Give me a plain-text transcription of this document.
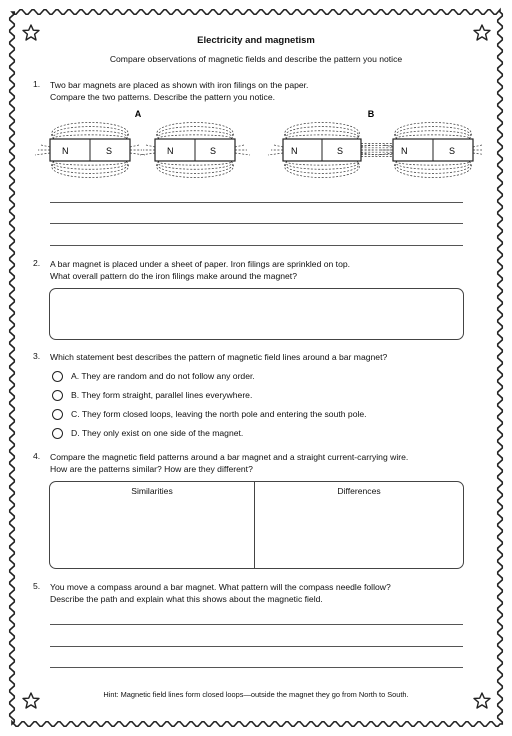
Electricity and magnetism
Compare observations of magnetic fields and describe the pattern you notice
1. Two bar magnets are placed as shown with iron filings on the paper.
Compare the two patterns. Describe the pattern you notice.
A	B
N	S	N	S	N	S	N	S
2. A bar magnet is placed under a sheet of paper. Iron filings are sprinkled on top.
What overall pattern do the iron filings make around the magnet?
3. Which statement best describes the pattern of magnetic field lines around a bar magnet?
A. They are random and do not follow any order.
B. They form straight, parallel lines everywhere.
C. They form closed loops, leaving the north pole and entering the south pole.
D. They only exist on one side of the magnet.
4. Compare the magnetic field patterns around a bar magnet and a straight current-carrying wire.
How are the patterns similar? How are they different?
Similarities	Differences
5. You move a compass around a bar magnet. What pattern will the compass needle follow?
Describe the path and explain what this shows about the magnetic field.
Hint: Magnetic field lines form closed loops—outside the magnet they go from North to South.
